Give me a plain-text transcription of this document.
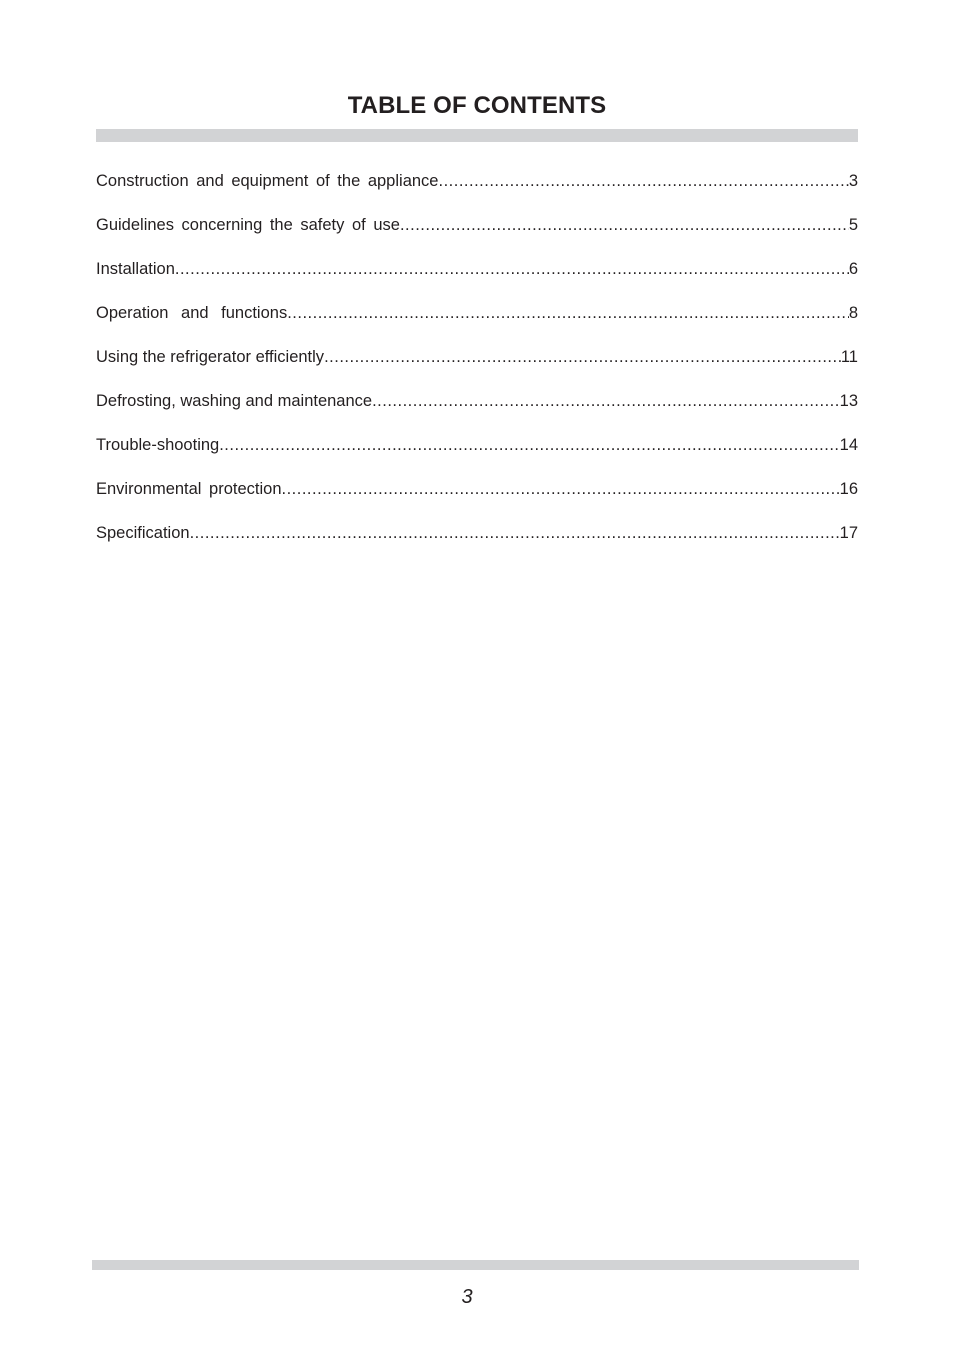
TABLE OF CONTENTS
Construction and equipment of the appliance .....	3
Guidelines concerning the safety of use .....	5
Installation .....	6
Operation and functions .....	8
Using the refrigerator efficiently .....	11
Defrosting, washing and maintenance .....	13
Trouble-shooting .....	14
Environmental protection .....	16
Specification .....	17
3
